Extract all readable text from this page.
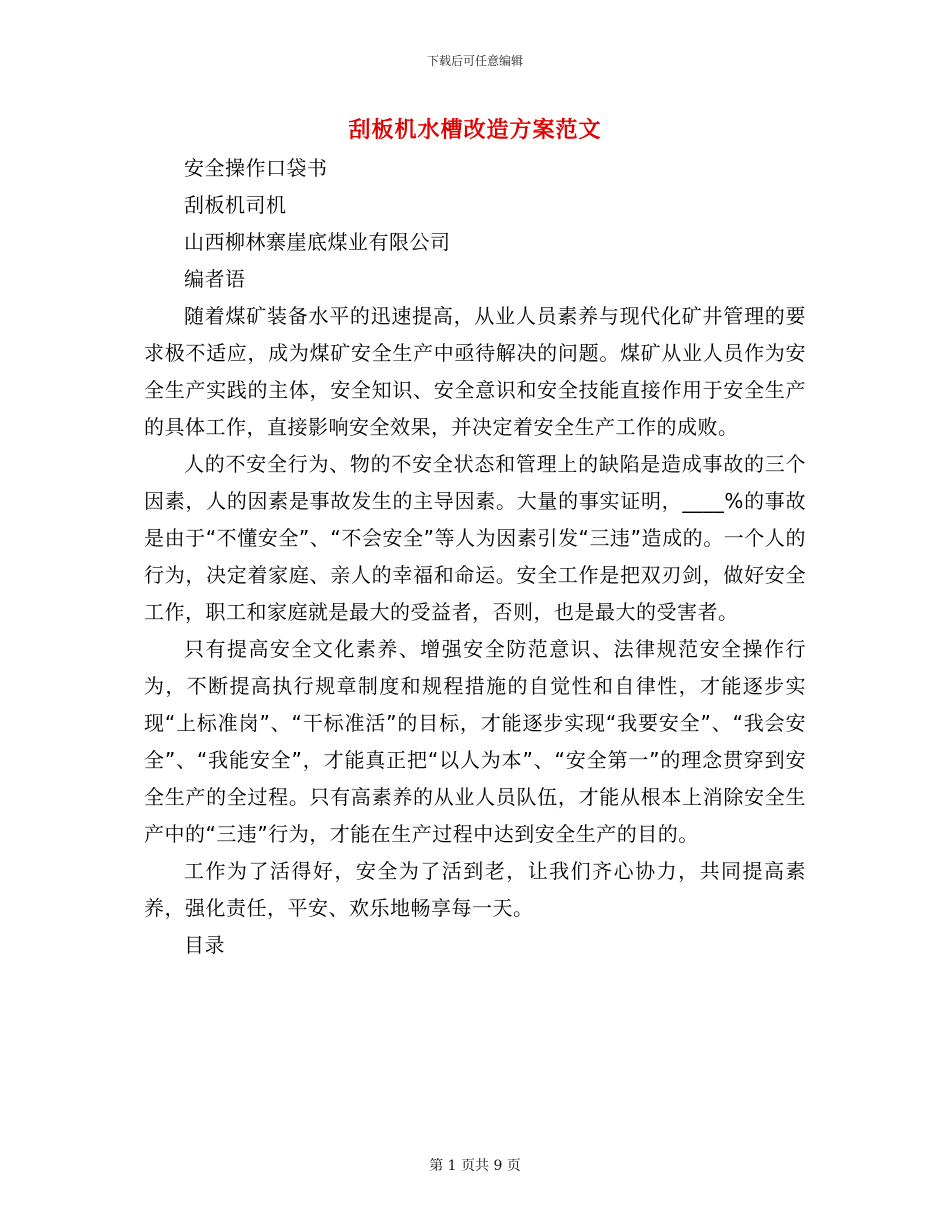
下载后可任意编辑
刮板机水槽改造方案范文

安全操作口袋书

刮板机司机

山西柳林寨崖底煤业有限公司

编者语

随着煤矿装备水平的迅速提高，从业人员素养与现代化矿井管理的要求极不适应，成为煤矿安全生产中亟待解决的问题。煤矿从业人员作为安全生产实践的主体，安全知识、安全意识和安全技能直接作用于安全生产的具体工作，直接影响安全效果，并决定着安全生产工作的成败。

人的不安全行为、物的不安全状态和管理上的缺陷是造成事故的三个因素，人的因素是事故发生的主导因素。大量的事实证明，____%的事故是由于“不懂安全”、“不会安全”等人为因素引发“三违”造成的。一个人的行为，决定着家庭、亲人的幸福和命运。安全工作是把双刃剑，做好安全工作，职工和家庭就是最大的受益者，否则，也是最大的受害者。

只有提高安全文化素养、增强安全防范意识、法律规范安全操作行为，不断提高执行规章制度和规程措施的自觉性和自律性，才能逐步实现“上标准岗”、“干标准活”的目标，才能逐步实现“我要安全”、“我会安全”、“我能安全”，才能真正把“以人为本”、“安全第一”的理念贯穿到安全生产的全过程。只有高素养的从业人员队伍，才能从根本上消除安全生产中的“三违”行为，才能在生产过程中达到安全生产的目的。

工作为了活得好，安全为了活到老，让我们齐心协力，共同提高素养，强化责任，平安、欢乐地畅享每一天。

目录

第 1 页共 9 页
